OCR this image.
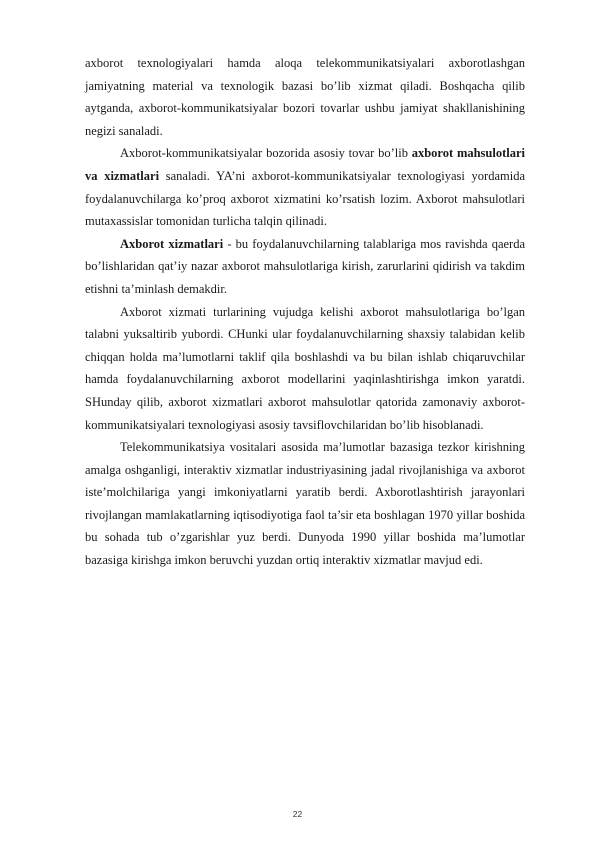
axborot texnologiyalari hamda aloqa telekommunikatsiyalari axborotlashgan jamiyatning material va texnologik bazasi bo’lib xizmat qiladi. Boshqacha qilib aytganda, axborot-kommunikatsiyalar bozori tovarlar ushbu jamiyat shakllanishining negizi sanaladi.

Axborot-kommunikatsiyalar bozorida asosiy tovar bo’lib axborot mahsulotlari va xizmatlari sanaladi. YA’ni axborot-kommunikatsiyalar texnologiyasi yordamida foydalanuvchilarga ko’proq axborot xizmatini ko’rsatish lozim. Axborot mahsulotlari mutaxassislar tomonidan turlicha talqin qilinadi.

Axborot xizmatlari - bu foydalanuvchilarning talablariga mos ravishda qaerda bo’lishlaridan qat’iy nazar axborot mahsulotlariga kirish, zarurlarini qidirish va takdim etishni ta’minlash demakdir.

Axborot xizmati turlarining vujudga kelishi axborot mahsulotlariga bo’lgan talabni yuksaltirib yubordi. CHunki ular foydalanuvchilarning shaxsiy talabidan kelib chiqqan holda ma’lumotlarni taklif qila boshlashdi va bu bilan ishlab chiqaruvchilar hamda foydalanuvchilarning axborot modellarini yaqinlashtirishga imkon yaratdi. SHunday qilib, axborot xizmatlari axborot mahsulotlar qatorida zamonaviy axborot- kommunikatsiyalari texnologiyasi asosiy tavsiflovchilaridan bo’lib hisoblanadi.

Telekommunikatsiya vositalari asosida ma’lumotlar bazasiga tezkor kirishning amalga oshganligi, interaktiv xizmatlar industriyasining jadal rivojlanishiga va axborot iste’molchilariga yangi imkoniyatlarni yaratib berdi. Axborotlashtirish jarayonlari rivojlangan mamlakatlarning iqtisodiyotiga faol ta’sir eta boshlagan 1970 yillar boshida bu sohada tub o’zgarishlar yuz berdi. Dunyoda 1990 yillar boshida ma’lumotlar bazasiga kirishga imkon beruvchi yuzdan ortiq interaktiv xizmatlar mavjud edi.

22
